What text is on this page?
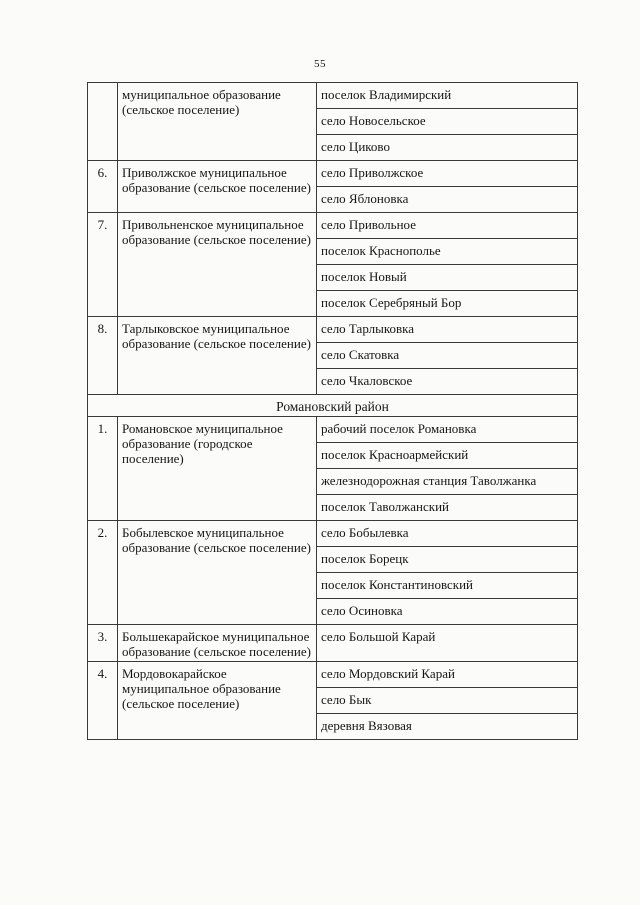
55
	муниципальное образование (сельское поселение)	поселок Владимирский
		село Новосельское
		село Циково
6.	Приволжское муниципальное образование (сельское поселение)	село Приволжское
		село Яблоновка
7.	Привольненское муниципальное образование (сельское поселение)	село Привольное
		поселок Краснополье
		поселок Новый
		поселок Серебряный Бор
8.	Тарлыковское муниципальное образование (сельское поселение)	село Тарлыковка
		село Скатовка
		село Чкаловское
Романовский район		
1.	Романовское муниципальное образование (городское поселение)	рабочий поселок Романовка
		поселок Красноармейский
		железнодорожная станция Таволжанка
		поселок Таволжанский
2.	Бобылевское муниципальное образование (сельское поселение)	село Бобылевка
		поселок Борецк
		поселок Константиновский
		село Осиновка
3.	Большекарайское муниципальное образование (сельское поселение)	село Большой Карай
4.	Мордовокарайское муниципальное образование (сельское поселение)	село Мордовский Карай
		село Бык
		деревня Вязовая
